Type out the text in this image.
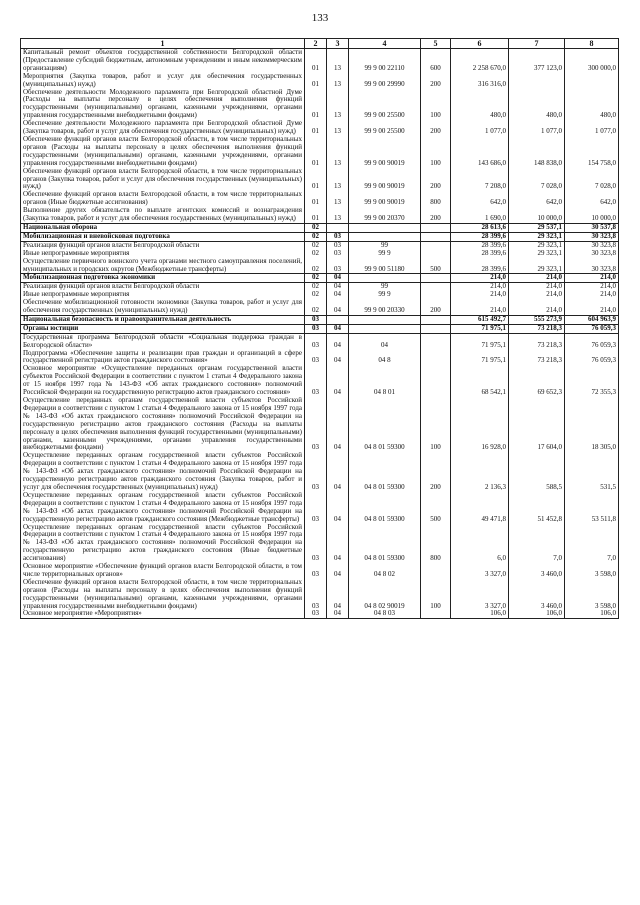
133
1	2	3	4	5	6	7	8
Капитальный ремонт объектов государственной собственности Белгородской области (Предоставление субсидий бюджетным, автономным учреждениям и иным некоммерческим организациям)	01	13	99 9 00 22110	600	2 258 670,0	377 123,0	300 000,0
Мероприятия (Закупка товаров, работ и услуг для обеспечения государственных (муниципальных) нужд)	01	13	99 9 00 29990	200	316 316,0		
Обеспечение деятельности Молодежного парламента при Белгородской областной Думе (Расходы на выплаты персоналу в целях обеспечения выполнения функций государственными (муниципальными) органами, казенными учреждениями, органами управления государственными внебюджетными фондами)	01	13	99 9 00 25500	100	480,0	480,0	480,0
Обеспечение деятельности Молодежного парламента при Белгородской областной Думе (Закупка товаров, работ и услуг для обеспечения государственных (муниципальных) нужд)	01	13	99 9 00 25500	200	1 077,0	1 077,0	1 077,0
Обеспечение функций органов власти Белгородской области, в том числе территориальных органов (Расходы на выплаты персоналу в целях обеспечения выполнения функций государственными (муниципальными) органами, казенными учреждениями, органами управления государственными внебюджетными фондами)	01	13	99 9 00 90019	100	143 686,0	148 838,0	154 758,0
Обеспечение функций органов власти Белгородской области, в том числе территориальных органов (Закупка товаров, работ и услуг для обеспечения государственных (муниципальных) нужд)	01	13	99 9 00 90019	200	7 208,0	7 028,0	7 028,0
Обеспечение функций органов власти Белгородской области, в том числе территориальных органов (Иные бюджетные ассигнования)	01	13	99 9 00 90019	800	642,0	642,0	642,0
Выполнение других обязательств по выплате агентских комиссий и вознаграждения (Закупка товаров, работ и услуг для обеспечения государственных (муниципальных) нужд)	01	13	99 9 00 20370	200	1 690,0	10 000,0	10 000,0
Национальная оборона	02				28 613,6	29 537,1	30 537,8
Мобилизационная и вневойсковая подготовка	02	03			28 399,6	29 323,1	30 323,8
Реализация функций органов власти Белгородской области	02	03	99		28 399,6	29 323,1	30 323,8
Иные непрограммные мероприятия	02	03	99 9		28 399,6	29 323,1	30 323,8
Осуществление первичного воинского учета органами местного самоуправления поселений, муниципальных и городских округов (Межбюджетные трансферты)	02	03	99 9 00 51180	500	28 399,6	29 323,1	30 323,8
Мобилизационная подготовка экономики	02	04			214,0	214,0	214,0
Реализация функций органов власти Белгородской области	02	04	99		214,0	214,0	214,0
Иные непрограммные мероприятия	02	04	99 9		214,0	214,0	214,0
Обеспечение мобилизационной готовности экономики (Закупка товаров, работ и услуг для обеспечения государственных (муниципальных) нужд)	02	04	99 9 00 20330	200	214,0	214,0	214,0
Национальная безопасность и правоохранительная деятельность	03				615 492,7	555 273,9	604 963,9
Органы юстиции	03	04			71 975,1	73 218,3	76 059,3
Государственная программа Белгородской области «Социальная поддержка граждан в Белгородской области»	03	04	04		71 975,1	73 218,3	76 059,3
Подпрограмма «Обеспечение защиты и реализации прав граждан и организаций в сфере государственной регистрации актов гражданского состояния»	03	04	04 8		71 975,1	73 218,3	76 059,3
Основное мероприятие «Осуществление переданных органам государственной власти субъектов Российской Федерации в соответствии с пунктом 1 статьи 4 Федерального закона от 15 ноября 1997 года № 143-ФЗ «Об актах гражданского состояния» полномочий Российской Федерации на государственную регистрацию актов гражданского состояния»	03	04	04 8 01		68 542,1	69 652,3	72 355,3
Осуществление переданных органам государственной власти субъектов Российской Федерации в соответствии с пунктом 1 статьи 4 Федерального закона от 15 ноября 1997 года № 143-ФЗ «Об актах гражданского состояния» полномочий Российской Федерации на государственную регистрацию актов гражданского состояния (Расходы на выплаты персоналу в целях обеспечения выполнения функций государственными (муниципальными) органами, казенными учреждениями, органами управления государственными внебюджетными фондами)	03	04	04 8 01 59300	100	16 928,0	17 604,0	18 305,0
Осуществление переданных органам государственной власти субъектов Российской Федерации в соответствии с пунктом 1 статьи 4 Федерального закона от 15 ноября 1997 года № 143-ФЗ «Об актах гражданского состояния» полномочий Российской Федерации на государственную регистрацию актов гражданского состояния (Закупка товаров, работ и услуг для обеспечения государственных (муниципальных) нужд)	03	04	04 8 01 59300	200	2 136,3	588,5	531,5
Осуществление переданных органам государственной власти субъектов Российской Федерации в соответствии с пунктом 1 статьи 4 Федерального закона от 15 ноября 1997 года № 143-ФЗ «Об актах гражданского состояния» полномочий Российской Федерации на государственную регистрацию актов гражданского состояния (Межбюджетные трансферты)	03	04	04 8 01 59300	500	49 471,8	51 452,8	53 511,8
Осуществление переданных органам государственной власти субъектов Российской Федерации в соответствии с пунктом 1 статьи 4 Федерального закона от 15 ноября 1997 года № 143-ФЗ «Об актах гражданского состояния» полномочий Российской Федерации на государственную регистрацию актов гражданского состояния (Иные бюджетные ассигнования)	03	04	04 8 01 59300	800	6,0	7,0	7,0
Основное мероприятие «Обеспечение функций органов власти Белгородской области, в том числе территориальных органов»	03	04	04 8 02		3 327,0	3 460,0	3 598,0
Обеспечение функций органов власти Белгородской области, в том числе территориальных органов (Расходы на выплаты персоналу в целях обеспечения выполнения функций государственными (муниципальными) органами, казенными учреждениями, органами управления государственными внебюджетными фондами)	03	04	04 8 02 90019	100	3 327,0	3 460,0	3 598,0
Основное мероприятие «Мероприятия»	03	04	04 8 03		106,0	106,0	106,0
